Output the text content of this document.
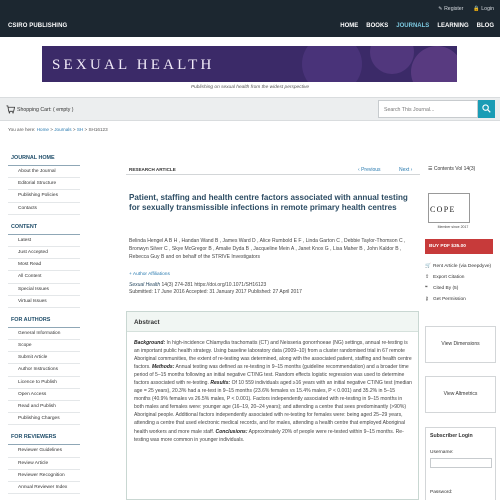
✎ Register 🔒 Login
CSIRO PUBLISHING	HOME BOOKS JOURNALS LEARNING BLOG
SEXUAL HEALTH
Publishing on sexual health from the widest perspective
Shopping Cart: ( empty )	Search This Journal...
You are here: Home > Journals > SH > SH16123
JOURNAL HOME
About the Journal
Editorial Structure
Publishing Policies
Contacts
CONTENT
Latest
Just Accepted
Most Read
All Content
Special Issues
Virtual Issues
FOR AUTHORS
General Information
Scope
Submit Article
Author Instructions
Licence to Publish
Open Access
Read and Publish
Publishing Charges
FOR REVIEWERS
Reviewer Guidelines
Review Article
Reviewer Recognition
Annual Reviewer Index
RESEARCH ARTICLE	‹ Previous	Next ›
Patient, staffing and health centre factors associated with annual testing for sexually transmissible infections in remote primary health centres
Belinda Hengel A B H , Handan Wand B , James Ward D , Alice Rumbold E F , Linda Garton C , Debbie Taylor-Thomson C , Bronwyn Silver C , Skye McGregor B , Amalie Dyda B , Jacqueline Mein A , Janet Knox G , Lisa Maher B , John Kaldor B , Rebecca Guy B and on behalf of the STRIVE Investigators
+ Author Affiliations
Sexual Health 14(3) 274-281 https://doi.org/10.1071/SH16123
Submitted: 17 June 2016 Accepted: 31 January 2017 Published: 27 April 2017
Abstract
Background: In high-incidence Chlamydia trachomatis (CT) and Neisseria gonorrhoeae (NG) settings, annual re-testing is an important public health strategy. Using baseline laboratory data (2009–10) from a cluster randomised trial in 67 remote Aboriginal communities, the extent of re-testing was determined, along with the associated patient, staffing and health centre factors. Methods: Annual testing was defined as re-testing in 9–15 months (guideline recommendation) and a broader time period of 5–15 months following an initial negative CT/NG test. Random effects logistic regression was used to determine factors associated with re-testing. Results: Of 10 559 individuals aged ≥16 years with an initial negative CT/NG test (median age = 25 years), 20.3% had a re-test in 9–15 months (23.6% females vs 15.4% males, P < 0.001) and 35.2% in 5–15 months (40.9% females vs 26.5% males, P < 0.001). Factors independently associated with re-testing in 9–15 months in both males and females were: younger age (16–19, 20–24 years); and attending a centre that sees predominantly (>90%) Aboriginal people. Additional factors independently associated with re-testing for females were: being aged 25–29 years, attending a centre that used electronic medical records, and for males, attending a health centre that employed Aboriginal health workers and more male staff. Conclusions: Approximately 20% of people were re-tested within 9–15 months. Re-testing was more common in younger individuals.
☰ Contents Vol 14(3)
COPE
Member since 2017
BUY PDF $35.00
🛒 Rent Article (via Deepdyve)
⇪ Export Citation
❝	Cited By (5)
⚷ Get Permission
View Dimensions
View Altmetrics
Subscriber Login
Username:
Password:
